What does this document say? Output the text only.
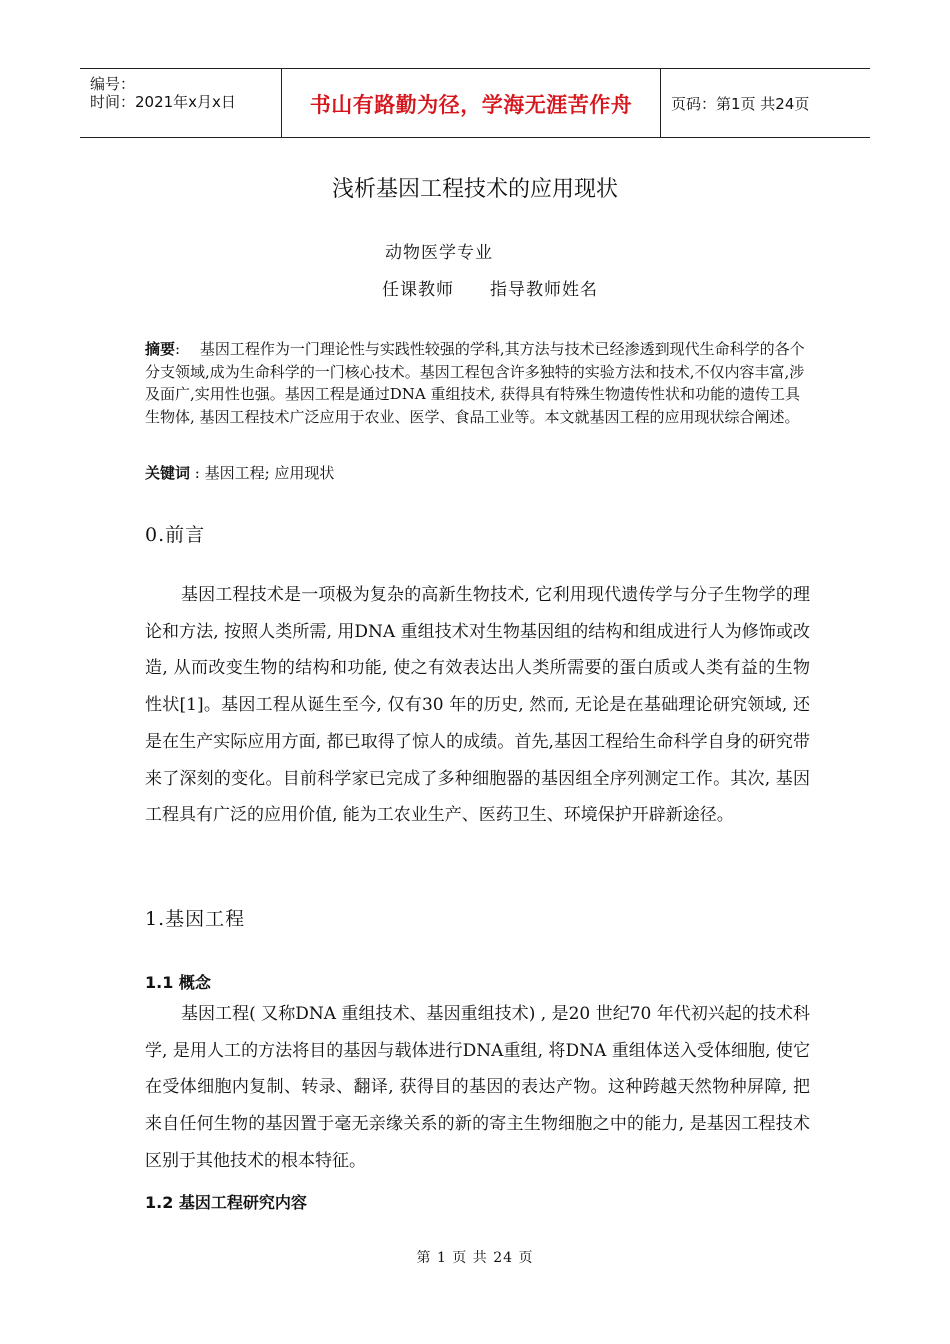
编号：
时间：2021年x月x日	书山有路勤为径，学海无涯苦作舟	页码：第1页 共24页
浅析基因工程技术的应用现状
动物医学专业
任课教师　　指导教师姓名
摘要: 　基因工程作为一门理论性与实践性较强的学科,其方法与技术已经渗透到现代生命科学的各个分支领域,成为生命科学的一门核心技术。基因工程包含许多独特的实验方法和技术,不仅内容丰富,涉及面广,实用性也强。基因工程是通过DNA 重组技术, 获得具有特殊生物遗传性状和功能的遗传工具生物体, 基因工程技术广泛应用于农业、医学、食品工业等。本文就基因工程的应用现状综合阐述。
关键词 : 基因工程; 应用现状
0.前言
基因工程技术是一项极为复杂的高新生物技术, 它利用现代遗传学与分子生物学的理论和方法, 按照人类所需, 用DNA 重组技术对生物基因组的结构和组成进行人为修饰或改造, 从而改变生物的结构和功能, 使之有效表达出人类所需要的蛋白质或人类有益的生物性状[1]。基因工程从诞生至今, 仅有30 年的历史, 然而, 无论是在基础理论研究领域, 还是在生产实际应用方面, 都已取得了惊人的成绩。首先,基因工程给生命科学自身的研究带来了深刻的变化。目前科学家已完成了多种细胞器的基因组全序列测定工作。其次, 基因工程具有广泛的应用价值, 能为工农业生产、医药卫生、环境保护开辟新途径。
1.基因工程
1.1 概念
基因工程( 又称DNA 重组技术、基因重组技术) , 是20 世纪70 年代初兴起的技术科学, 是用人工的方法将目的基因与载体进行DNA重组, 将DNA 重组体送入受体细胞, 使它在受体细胞内复制、转录、翻译, 获得目的基因的表达产物。这种跨越天然物种屏障, 把来自任何生物的基因置于毫无亲缘关系的新的寄主生物细胞之中的能力, 是基因工程技术区别于其他技术的根本特征。
1.2 基因工程研究内容
第 1 页 共 24 页
